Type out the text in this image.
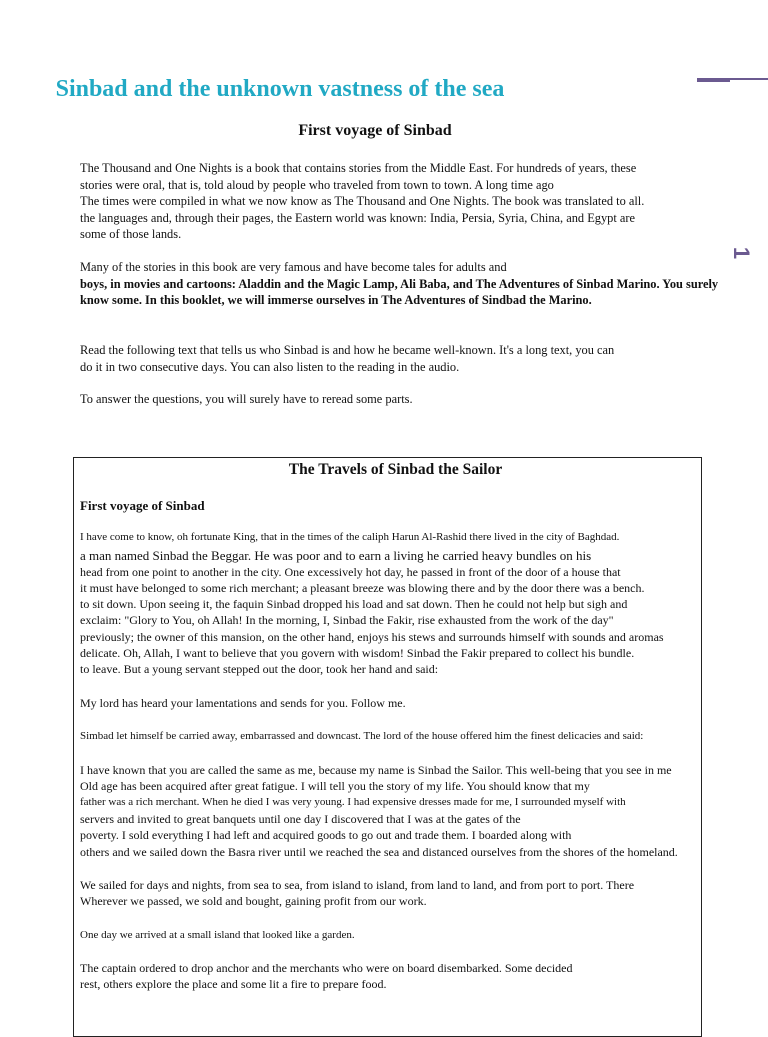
Sinbad and the unknown vastness of the sea
First voyage of Sinbad
1

The Thousand and One Nights is a book that contains stories from the Middle East. For hundreds of years, these

stories were oral, that is, told aloud by people who traveled from town to town. A long time ago

The times were compiled in what we now know as The Thousand and One Nights. The book was translated to all.

the languages and, through their pages, the Eastern world was known: India, Persia, Syria, China, and Egypt are

some of those lands.

Many of the stories in this book are very famous and have become tales for adults and

boys, in movies and cartoons: Aladdin and the Magic Lamp, Ali Baba, and The Adventures of Sinbad Marino. You surely know some. In this booklet, we will immerse ourselves in The Adventures of Sindbad the Marino.

Read the following text that tells us who Sinbad is and how he became well-known. It's a long text, you can

do it in two consecutive days. You can also listen to the reading in the audio.

To answer the questions, you will surely have to reread some parts.
The Travels of Sinbad the Sailor
First voyage of Sinbad
I have come to know, oh fortunate King, that in the times of the caliph Harun Al-Rashid there lived in the city of Baghdad.
a man named Sinbad the Beggar. He was poor and to earn a living he carried heavy bundles on his
head from one point to another in the city. One excessively hot day, he passed in front of the door of a house that
it must have belonged to some rich merchant; a pleasant breeze was blowing there and by the door there was a bench.
to sit down. Upon seeing it, the faquin Sinbad dropped his load and sat down. Then he could not help but sigh and
exclaim: "Glory to You, oh Allah! In the morning, I, Sinbad the Fakir, rise exhausted from the work of the day"
previously; the owner of this mansion, on the other hand, enjoys his stews and surrounds himself with sounds and aromas
delicate. Oh, Allah, I want to believe that you govern with wisdom! Sinbad the Fakir prepared to collect his bundle.
to leave. But a young servant stepped out the door, took her hand and said:
My lord has heard your lamentations and sends for you. Follow me.
Simbad let himself be carried away, embarrassed and downcast. The lord of the house offered him the finest delicacies and said:
I have known that you are called the same as me, because my name is Sinbad the Sailor. This well-being that you see in me
Old age has been acquired after great fatigue. I will tell you the story of my life. You should know that my
father was a rich merchant. When he died I was very young. I had expensive dresses made for me, I surrounded myself with
servers and invited to great banquets until one day I discovered that I was at the gates of the
poverty. I sold everything I had left and acquired goods to go out and trade them. I boarded along with
others and we sailed down the Basra river until we reached the sea and distanced ourselves from the shores of the homeland.
We sailed for days and nights, from sea to sea, from island to island, from land to land, and from port to port. There
Wherever we passed, we sold and bought, gaining profit from our work.
One day we arrived at a small island that looked like a garden.
The captain ordered to drop anchor and the merchants who were on board disembarked. Some decided
rest, others explore the place and some lit a fire to prepare food.
